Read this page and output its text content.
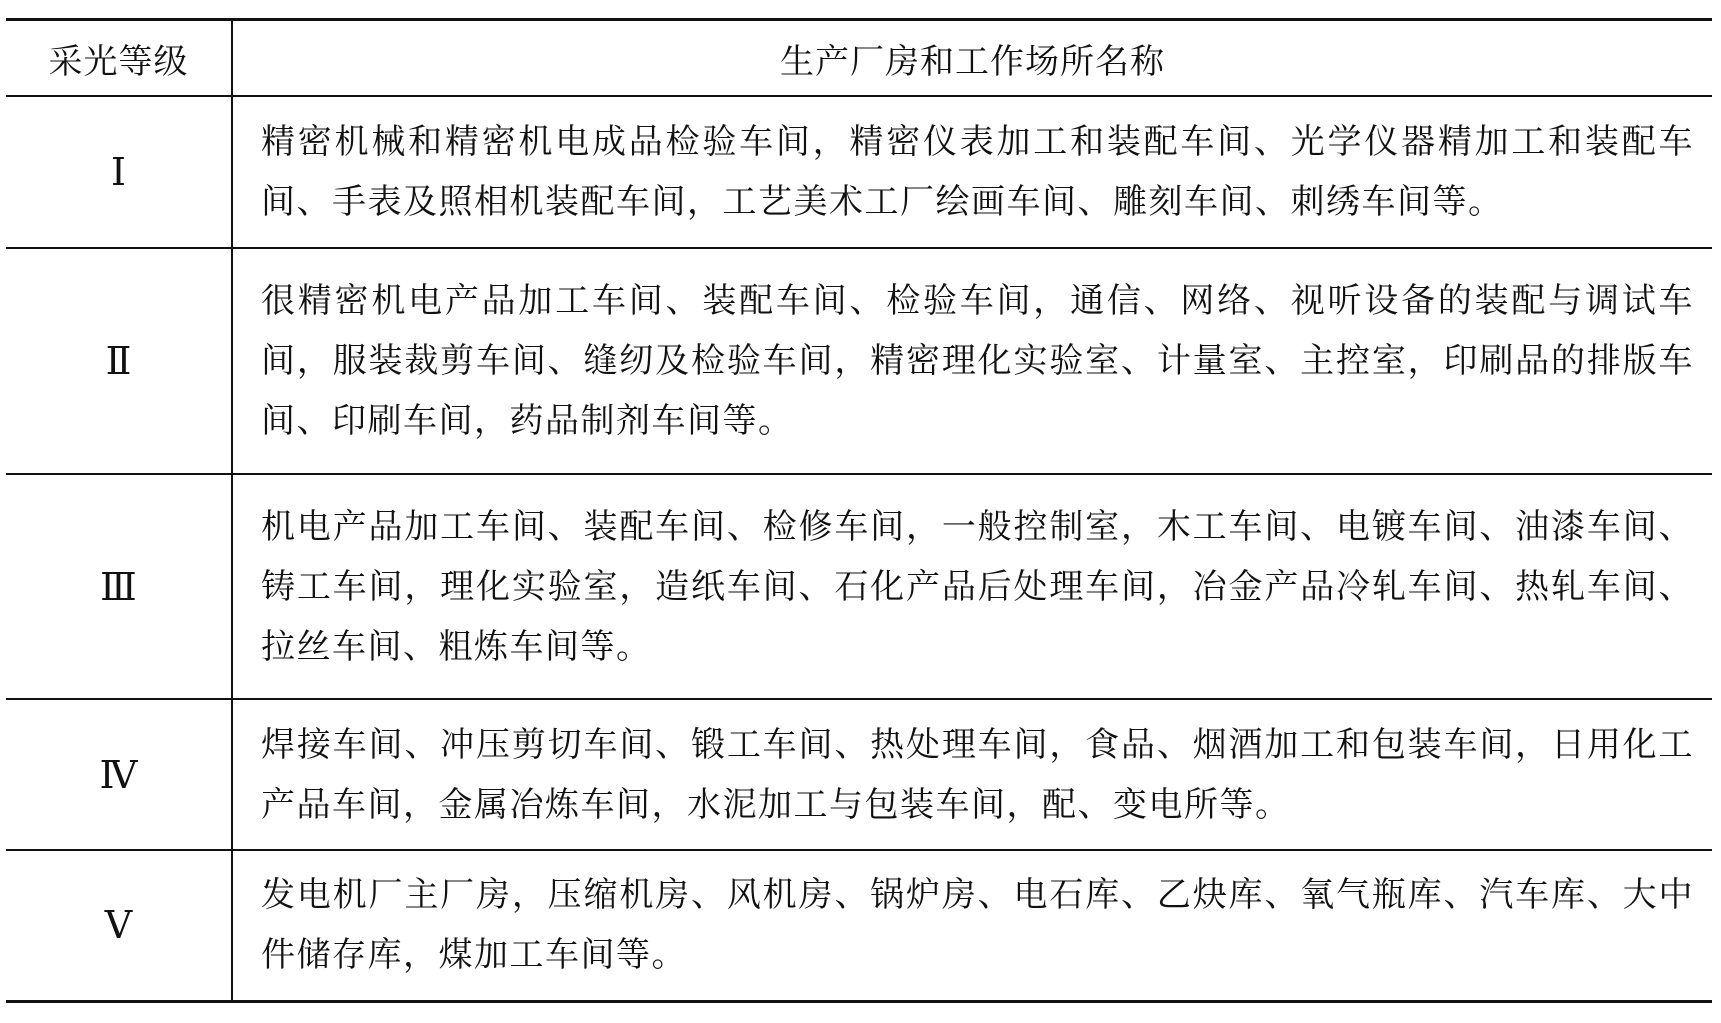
采光等级	生产厂房和工作场所名称
Ⅰ	精密机械和精密机电成品检验车间，精密仪表加工和装配车间、光学仪器精加工和装配车间、手表及照相机装配车间，工艺美术工厂绘画车间、雕刻车间、刺绣车间等。
Ⅱ	很精密机电产品加工车间、装配车间、检验车间，通信、网络、视听设备的装配与调试车间，服装裁剪车间、缝纫及检验车间，精密理化实验室、计量室、主控室，印刷品的排版车间、印刷车间，药品制剂车间等。
Ⅲ	机电产品加工车间、装配车间、检修车间，一般控制室，木工车间、电镀车间、油漆车间、铸工车间，理化实验室，造纸车间、石化产品后处理车间，冶金产品冷轧车间、热轧车间、拉丝车间、粗炼车间等。
Ⅳ	焊接车间、冲压剪切车间、锻工车间、热处理车间，食品、烟酒加工和包装车间，日用化工产品车间，金属冶炼车间，水泥加工与包装车间，配、变电所等。
Ⅴ	发电机厂主厂房，压缩机房、风机房、锅炉房、电石库、乙炔库、氧气瓶库、汽车库、大中件储存库，煤加工车间等。
